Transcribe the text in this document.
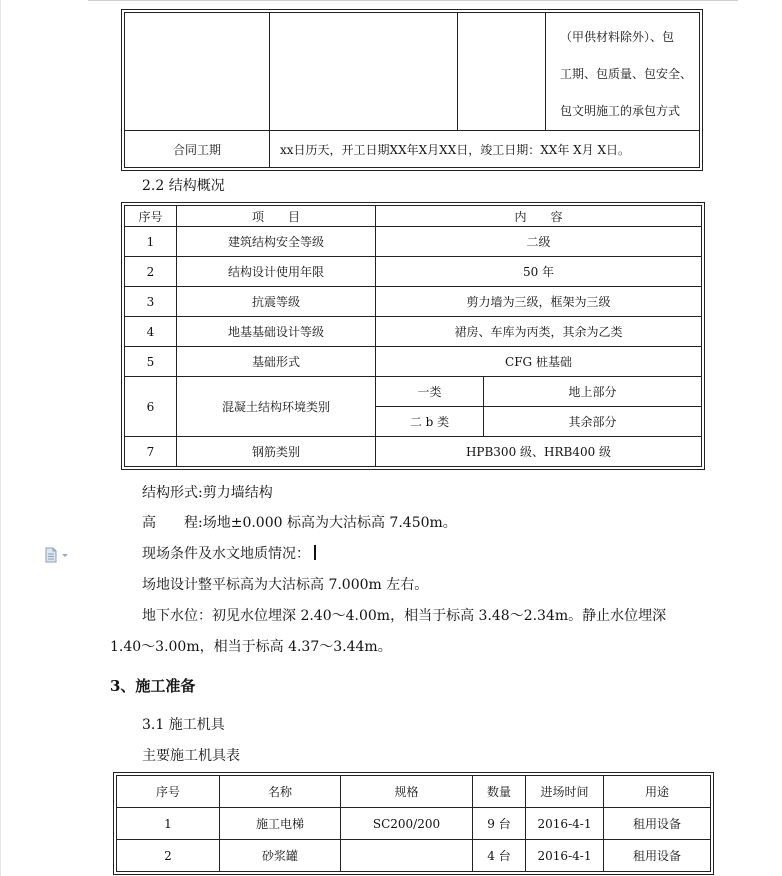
			（甲供材料除外）、包
工期、包质量、包安全、
包文明施工的承包方式

合同工期	xx日历天，开工日期XX年X月XX日，竣工日期：XX年 X月 X日。		
2.2 结构概况
序号	项　　目	内　　容	
1	建筑结构安全等级	二级	
2	结构设计使用年限	50 年	
3	抗震等级	剪力墙为三级，框架为三级	
4	地基基础设计等级	裙房、车库为丙类，其余为乙类	
5	基础形式	CFG 桩基础	
6	混凝土结构环境类别	一类	地上部分
		二 b 类	其余部分
7	钢筋类别	HPB300 级、HRB400 级	
结构形式:剪力墙结构
高　　程:场地±0.000 标高为大沽标高 7.450m。
现场条件及水文地质情况：
场地设计整平标高为大沽标高 7.000m 左右。
地下水位：初见水位埋深 2.40～4.00m，相当于标高 3.48～2.34m。静止水位埋深
1.40～3.00m，相当于标高 4.37～3.44m。
3、施工准备
3.1 施工机具
主要施工机具表
序号	名称	规格	数量	进场时间	用途
1	施工电梯	SC200/200	9 台	2016-4-1	租用设备
2	砂浆罐		4 台	2016-4-1	租用设备
